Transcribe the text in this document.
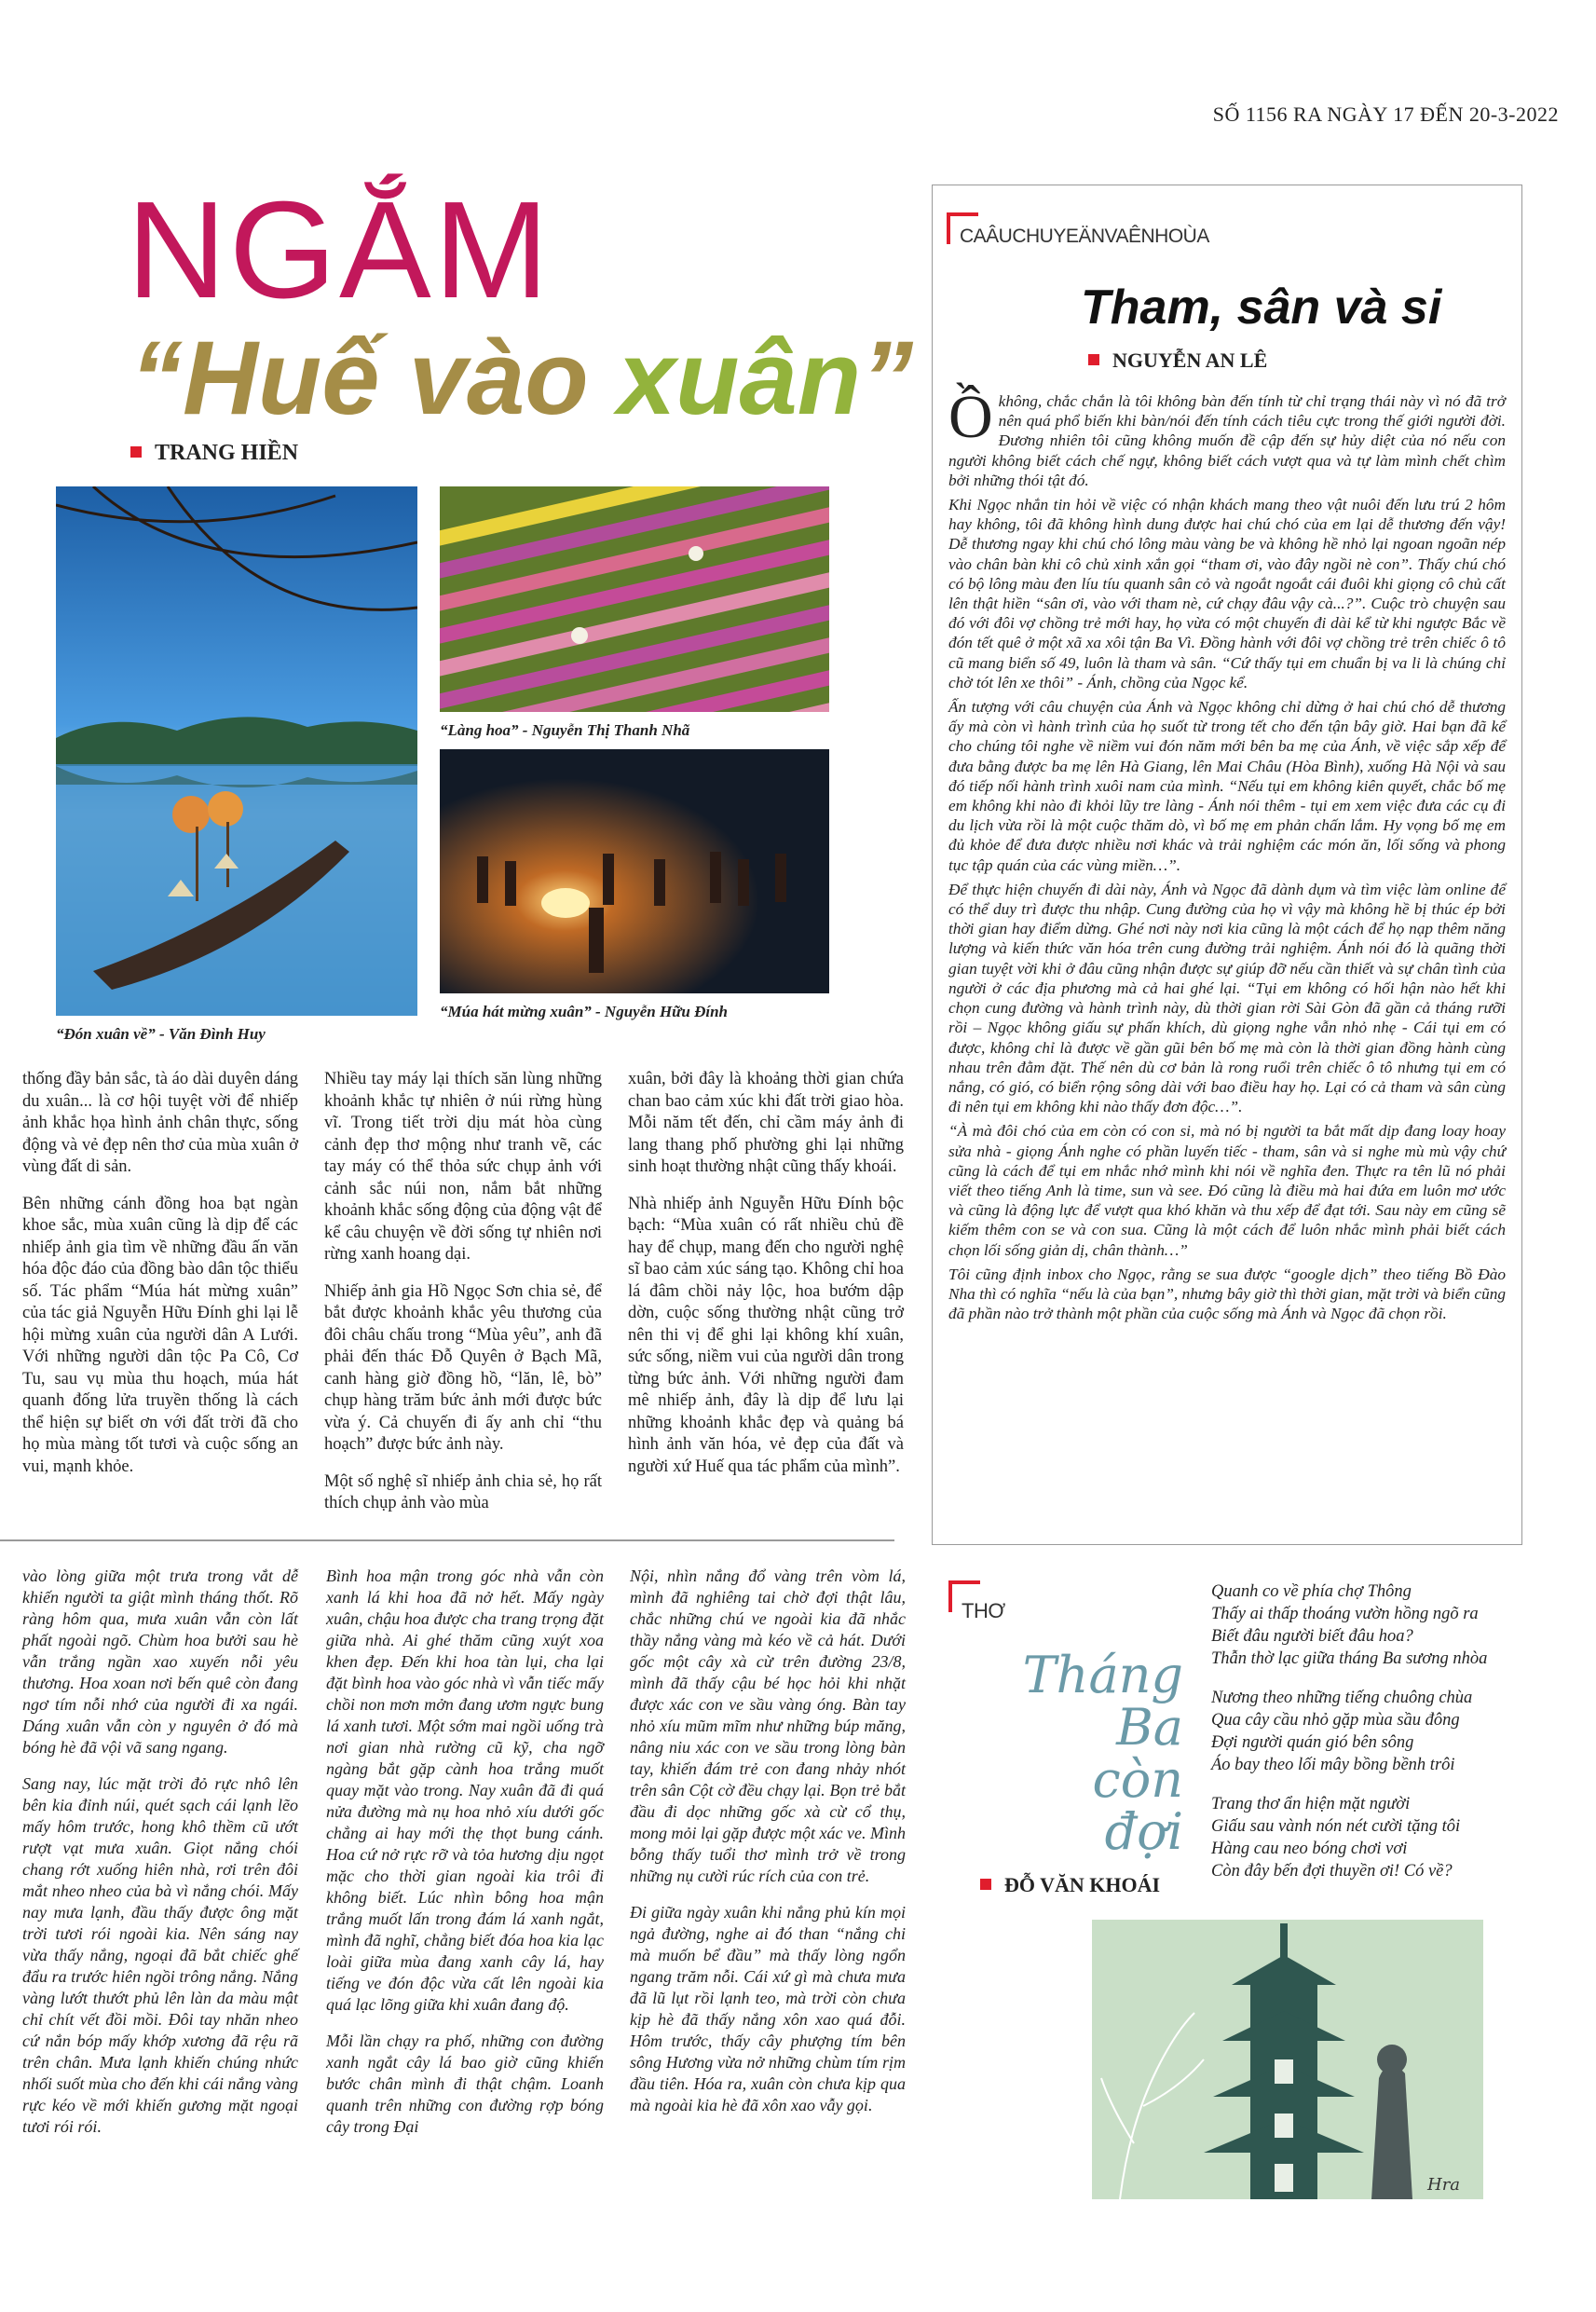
SỐ 1156 RA NGÀY 17 ĐẾN 20-3-2022
NGẮM
“Huế vào xuân”
TRANG HIỀN
“Đón xuân về” - Văn Đình Huy
“Làng hoa” - Nguyễn Thị Thanh Nhã
“Múa hát mừng xuân” - Nguyễn Hữu Đính

thống đầy bản sắc, tà áo dài duyên dáng du xuân... là cơ hội tuyệt vời để nhiếp ảnh khắc họa hình ảnh chân thực, sống động và vẻ đẹp nên thơ của mùa xuân ở vùng đất di sản.

Bên những cánh đồng hoa bạt ngàn khoe sắc, mùa xuân cũng là dịp để các nhiếp ảnh gia tìm về những đầu ấn văn hóa độc đáo của đồng bào dân tộc thiểu số. Tác phẩm “Múa hát mừng xuân” của tác giả Nguyễn Hữu Đính ghi lại lễ hội mừng xuân của người dân A Lưới. Với những người dân tộc Pa Cô, Cơ Tu, sau vụ mùa thu hoạch, múa hát quanh đống lửa truyền thống là cách thể hiện sự biết ơn với đất trời đã cho họ mùa màng tốt tươi và cuộc sống an vui, mạnh khỏe.

Nhiều tay máy lại thích săn lùng những khoảnh khắc tự nhiên ở núi rừng hùng vĩ. Trong tiết trời dịu mát hòa cùng cảnh đẹp thơ mộng như tranh vẽ, các tay máy có thể thỏa sức chụp ảnh với cảnh sắc núi non, nắm bắt những khoảnh khắc sống động của động vật để kể câu chuyện về đời sống tự nhiên nơi rừng xanh hoang dại.

Nhiếp ảnh gia Hồ Ngọc Sơn chia sẻ, để bắt được khoảnh khắc yêu thương của đôi châu chấu trong “Mùa yêu”, anh đã phải đến thác Đỗ Quyên ở Bạch Mã, canh hàng giờ đồng hồ, “lăn, lê, bò” chụp hàng trăm bức ảnh mới được bức vừa ý. Cả chuyến đi ấy anh chỉ “thu hoạch” được bức ảnh này.

Một số nghệ sĩ nhiếp ảnh chia sẻ, họ rất thích chụp ảnh vào mùa

xuân, bởi đây là khoảng thời gian chứa chan bao cảm xúc khi đất trời giao hòa. Mỗi năm tết đến, chỉ cầm máy ảnh đi lang thang phố phường ghi lại những sinh hoạt thường nhật cũng thấy khoái.

Nhà nhiếp ảnh Nguyễn Hữu Đính bộc bạch: “Mùa xuân có rất nhiều chủ đề hay để chụp, mang đến cho người nghệ sĩ bao cảm xúc sáng tạo. Không chỉ hoa lá đâm chồi nảy lộc, hoa bướm dập dờn, cuộc sống thường nhật cũng trở nên thi vị để ghi lại không khí xuân, sức sống, niềm vui của người dân trong từng bức ảnh. Với những người đam mê nhiếp ảnh, đây là dịp để lưu lại những khoảnh khắc đẹp và quảng bá hình ảnh văn hóa, vẻ đẹp của đất và người xứ Huế qua tác phẩm của mình”.

CAÂUCHUYEÄNVAÊNHOÙA
Tham, sân và si
NGUYỄN AN LÊ

Ồkhông, chắc chắn là tôi không bàn đến tính từ chỉ trạng thái này vì nó đã trở nên quá phổ biến khi bàn/nói đến tính cách tiêu cực trong thế giới người đời. Đương nhiên tôi cũng không muốn đề cập đến sự hủy diệt của nó nếu con người không biết cách chế ngự, không biết cách vượt qua và tự làm mình chết chìm bởi những thói tật đó.

Khi Ngọc nhắn tin hỏi về việc có nhận khách mang theo vật nuôi đến lưu trú 2 hôm hay không, tôi đã không hình dung được hai chú chó của em lại dễ thương đến vậy! Dễ thương ngay khi chú chó lông màu vàng be và không hề nhỏ lại ngoan ngoãn nép vào chân bàn khi cô chủ xinh xắn gọi “tham ơi, vào đây ngồi nè con”. Thấy chú chó có bộ lông màu đen líu tíu quanh sân cỏ và ngoắt ngoắt cái đuôi khi giọng cô chủ cất lên thật hiền “sân ơi, vào với tham nè, cứ chạy đâu vậy cà...?”. Cuộc trò chuyện sau đó với đôi vợ chồng trẻ mới hay, họ vừa có một chuyến đi dài kể từ khi ngược Bắc về đón tết quê ở một xã xa xôi tận Ba Vì. Đồng hành với đôi vợ chồng trẻ trên chiếc ô tô cũ mang biển số 49, luôn là tham và sân. “Cứ thấy tụi em chuẩn bị va li là chúng chỉ chờ tót lên xe thôi” - Ánh, chồng của Ngọc kể.

Ấn tượng với câu chuyện của Ánh và Ngọc không chỉ dừng ở hai chú chó dễ thương ấy mà còn vì hành trình của họ suốt từ trong tết cho đến tận bây giờ. Hai bạn đã kể cho chúng tôi nghe về niềm vui đón năm mới bên ba mẹ của Ánh, về việc sắp xếp để đưa bằng được ba mẹ lên Hà Giang, lên Mai Châu (Hòa Bình), xuống Hà Nội và sau đó tiếp nối hành trình xuôi nam của mình. “Nếu tụi em không kiên quyết, chắc bố mẹ em không khi nào đi khỏi lũy tre làng - Ánh nói thêm - tụi em xem việc đưa các cụ đi du lịch vừa rồi là một cuộc thăm dò, vì bố mẹ em phản chấn lắm. Hy vọng bố mẹ em đủ khỏe để đưa được nhiều nơi khác và trải nghiệm các món ăn, lối sống và phong tục tập quán của các vùng miền…”.

Để thực hiện chuyến đi dài này, Ánh và Ngọc đã dành dụm và tìm việc làm online để có thể duy trì được thu nhập. Cung đường của họ vì vậy mà không hề bị thúc ép bởi thời gian hay điểm dừng. Ghé nơi này nơi kia cũng là một cách để họ nạp thêm năng lượng và kiến thức văn hóa trên cung đường trải nghiệm. Ánh nói đó là quãng thời gian tuyệt vời khi ở đâu cũng nhận được sự giúp đỡ nếu cần thiết và sự chân tình của người ở các địa phương mà cả hai ghé lại. “Tụi em không có hối hận nào hết khi chọn cung đường và hành trình này, dù thời gian rời Sài Gòn đã gần cả tháng rưỡi rồi – Ngọc không giấu sự phấn khích, dù giọng nghe vẫn nhỏ nhẹ - Cái tụi em có được, không chỉ là được về gần gũi bên bố mẹ mà còn là thời gian đồng hành cùng nhau trên đằm đặt. Thế nên dù cơ bản là rong ruổi trên chiếc ô tô nhưng tụi em có nắng, có gió, có biển rộng sông dài với bao điều hay họ. Lại có cả tham và sân cùng đi nên tụi em không khi nào thấy đơn độc…”.

“À mà đôi chó của em còn có con si, mà nó bị người ta bắt mất dịp đang loay hoay sửa nhà - giọng Ánh nghe có phần luyến tiếc - tham, sân và si nghe mù mù vậy chứ cũng là cách để tụi em nhắc nhớ mình khi nói về nghĩa đen. Thực ra tên lũ nó phải viết theo tiếng Anh là time, sun và see. Đó cũng là điều mà hai đứa em luôn mơ ước và cũng là động lực để vượt qua khó khăn và thu xếp để đạt tới. Sau này em cũng sẽ kiếm thêm con se và con sua. Cũng là một cách để luôn nhắc mình phải biết cách chọn lối sống giản dị, chân thành…”

Tôi cũng định inbox cho Ngọc, rằng se sua được “google dịch” theo tiếng Bồ Đào Nha thì có nghĩa “nếu là của bạn”, nhưng bây giờ thì thời gian, mặt trời và biển cũng đã phần nào trở thành một phần của cuộc sống mà Ánh và Ngọc đã chọn rồi.

vào lòng giữa một trưa trong vắt dễ khiến người ta giật mình tháng thốt. Rõ ràng hôm qua, mưa xuân vẫn còn lất phất ngoài ngõ. Chùm hoa bưởi sau hè vẫn trắng ngần xao xuyến nỗi yêu thương. Hoa xoan nơi bến quê còn đang ngơ tím nỗi nhớ của người đi xa ngái. Dáng xuân vẫn còn y nguyên ở đó mà bóng hè đã vội vã sang ngang.

Sang nay, lúc mặt trời đỏ rực nhô lên bên kia đỉnh núi, quét sạch cái lạnh lẽo mấy hôm trước, hong khô thềm cũ ướt rượt vạt mưa xuân. Giọt nắng chói chang rớt xuống hiên nhà, rơi trên đôi mắt nheo nheo của bà vì nắng chói. Mấy nay mưa lạnh, đầu thấy được ông mặt trời tươi rói ngoài kia. Nên sáng nay vừa thấy nắng, ngoại đã bắt chiếc ghế đẩu ra trước hiên ngồi trông nắng. Nắng vàng lướt thướt phủ lên làn da màu mật chỉ chít vết đồi mồi. Đôi tay nhăn nheo cứ nắn bóp mấy khớp xương đã rệu rã trên chân. Mưa lạnh khiến chúng nhức nhối suốt mùa cho đến khi cái nắng vàng rực kéo về mới khiến gương mặt ngoại tươi rói rói.

Bình hoa mận trong góc nhà vẫn còn xanh lá khi hoa đã nở hết. Mấy ngày xuân, chậu hoa được cha trang trọng đặt giữa nhà. Ai ghé thăm cũng xuýt xoa khen đẹp. Đến khi hoa tàn lụi, cha lại đặt bình hoa vào góc nhà vì vẫn tiếc mấy chồi non mơn mởn đang ươm ngực bung lá xanh tươi. Một sớm mai ngồi uống trà nơi gian nhà rường cũ kỹ, cha ngỡ ngàng bắt gặp cành hoa trắng muốt quay mặt vào trong. Nay xuân đã đi quá nửa đường mà nụ hoa nhỏ xíu dưới gốc chẳng ai hay mới thẹ thọt bung cánh. Hoa cứ nở rực rỡ và tỏa hương dịu ngọt mặc cho thời gian ngoài kia trôi đi không biết. Lúc nhìn bông hoa mận trắng muốt lấn trong đám lá xanh ngắt, mình đã nghĩ, chẳng biết đóa hoa kia lạc loài giữa mùa đang xanh cây lá, hay tiếng ve đón độc vừa cất lên ngoài kia quá lạc lõng giữa khi xuân đang độ.

Mỗi lần chạy ra phố, những con đường xanh ngắt cây lá bao giờ cũng khiến bước chân mình đi thật chậm. Loanh quanh trên những con đường rợp bóng cây trong Đại

Nội, nhìn nắng đổ vàng trên vòm lá, mình đã nghiêng tai chờ đợi thật lâu, chắc những chú ve ngoài kia đã nhắc thầy nắng vàng mà kéo về cả hát. Dưới gốc một cây xà cừ trên đường 23/8, mình đã thấy cậu bé học hỏi khi nhặt được xác con ve sầu vàng óng. Bàn tay nhỏ xíu mũm mĩm như những búp măng, nâng niu xác con ve sầu trong lòng bàn tay, khiến đám trẻ con đang nhảy nhót trên sân Cột cờ đều chạy lại. Bọn trẻ bắt đầu đi dọc những gốc xà cừ cổ thụ, mong mỏi lại gặp được một xác ve. Mình bỗng thấy tuổi thơ mình trở về trong những nụ cười rúc rích của con trẻ.

Đi giữa ngày xuân khi nắng phủ kín mọi ngả đường, nghe ai đó than “nắng chi mà muốn bể đầu” mà thấy lòng ngổn ngang trăm nỗi. Cái xứ gì mà chưa mưa đã lũ lụt rồi lạnh teo, mà trời còn chưa kịp hè đã thấy nắng xôn xao quá đỗi. Hôm trước, thấy cây phượng tím bên sông Hương vừa nở những chùm tím rịm đầu tiên. Hóa ra, xuân còn chưa kịp qua mà ngoài kia hè đã xôn xao vẫy gọi.

THƠ
Tháng
Ba
còn
đợi
ĐỖ VĂN KHOÁI
Quanh co về phía chợ Thông
Thấy ai thấp thoáng vườn hồng ngõ ra
Biết đâu người biết đâu hoa?
Thẫn thờ lạc giữa tháng Ba sương nhòa
Nương theo những tiếng chuông chùa
Qua cây cầu nhỏ gặp mùa sầu đông
Đợi người quán gió bên sông
Áo bay theo lối mây bồng bềnh trôi
Trang thơ ẩn hiện mặt người
Giấu sau vành nón nét cười tặng tôi
Hàng cau neo bóng chơi vơi
Còn đây bến đợi thuyền ơi! Có về?
Hra
